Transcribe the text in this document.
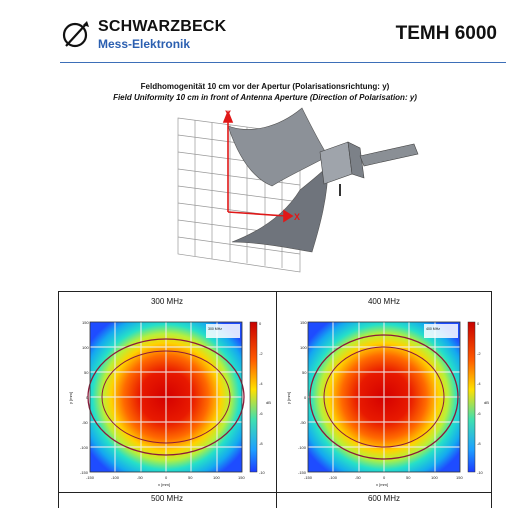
SCHWARZBECK
Mess-Elektronik	TEMH 6000
Feldhomogenität 10 cm vor der Apertur (Polarisationsrichtung: y)
Field Uniformity 10 cm in front of Antenna Aperture (Direction of Polarisation: y)
Y
X
300 MHz	400 MHz
500 MHz	600 MHz
300 MHz
0
-2
-4
-6
-8
-10
150
100
50
0
-50
-100
-150
-150	-100	-50	0	50	100	150
x [mm]
y [mm]	dB
400 MHz
0
-2
-4
-6
-8
-10
150
100
50
0
-50
-100
-150
-150	-100	-50	0	50	100	150
x [mm]
y [mm]	dB
